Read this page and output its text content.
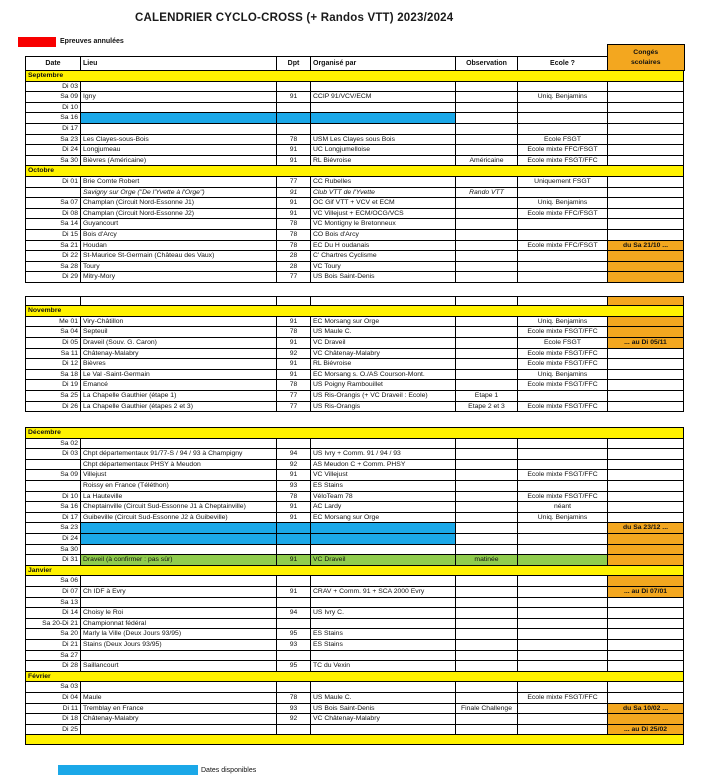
CALENDRIER CYCLO-CROSS (+ Randos VTT) 2023/2024
Epreuves annulées
Date	Lieu	Dpt	Organisé par	Observation	Ecole ?	Congés
scolaires

Septembre						
Di 03						
Sa 09	Igny	91	CCIP 91/VCV/ECM		Uniq. Benjamins	
Di 10						
Sa 16						
Di 17						
Sa 23	Les Clayes-sous-Bois	78	USM Les Clayes sous Bois		Ecole FSGT	
Di 24	Longjumeau	91	UC Longjumelloise		Ecole mixte FFC/FSGT	
Sa 30	Bièvres (Américaine)	91	RL Biévroise	Américaine	Ecole mixte FSGT/FFC	
Octobre						
Di 01	Brie Comte Robert	77	CC Rubelles		Uniquement FSGT	
	Savigny sur Orge ("De l'Yvette à l'Orge")	91	Club VTT de l'Yvette	Rando VTT		
Sa 07	Champlan (Circuit Nord-Essonne J1)	91	OC Gif VTT + VCV et ECM		Uniq. Benjamins	
Di 08	Champlan (Circuit Nord-Essonne J2)	91	VC Villejust + ECM/OCG/VCS		Ecole mixte FFC/FSGT	
Sa 14	Guyancourt	78	VC Montigny le Bretonneux			
Di 15	Bois d'Arcy	78	CO Bois d'Arcy			
Sa 21	Houdan	78	EC Du H oudanais		Ecole mixte FFC/FSGT	du Sa 21/10 ...
Di 22	St-Maurice St-Germain (Château des Vaux)	28	C' Chartres Cyclisme			
Sa 28	Toury	28	VC Toury			
Di 29	Mitry-Mory	77	US Bois Saint-Denis			

Novembre						
Me 01	Viry-Châtillon	91	EC Morsang sur Orge		Uniq. Benjamins	
Sa 04	Septeuil	78	US Maule C.		Ecole mixte FSGT/FFC	
Di 05	Draveil (Souv. G. Caron)	91	VC Draveil		Ecole FSGT	... au Di 05/11
Sa 11	Châtenay-Malabry	92	VC Châtenay-Malabry		Ecole mixte FSGT/FFC	
Di 12	Bièvres	91	RL Biévroise		Ecole mixte FSGT/FFC	
Sa 18	Le Val -Saint-Germain	91	EC Morsang s. O./AS Courson-Mont.		Uniq. Benjamins	
Di 19	Emancé	78	US Poigny Rambouillet		Ecole mixte FSGT/FFC	
Sa 25	La Chapelle Gauthier (étape 1)	77	US Ris-Orangis (+ VC Draveil : Ecole)	Etape 1		
Di 26	La Chapelle Gauthier (étapes 2 et 3)	77	US Ris-Orangis	Etape 2 et 3	Ecole mixte FSGT/FFC	
Décembre						
Sa 02						
Di 03	Chpt départementaux 91/77-S / 94 / 93 à Champigny	94	US Ivry + Comm. 91 / 94 / 93			
	Chpt départementaux PHSY à Meudon	92	AS Meudon C + Comm. PHSY			
Sa 09	Villejust	91	VC Villejust		Ecole mixte FSGT/FFC	
	Roissy en France (Téléthon)	93	ES Stains			
Di 10	La Hauteville	78	VéloTeam 78		Ecole mixte FSGT/FFC	
Sa 16	Cheptainville (Circuit Sud-Essonne J1 à Cheptainville)	91	AC Lardy		néant	
Di 17	Guibeville (Circuit Sud-Essonne J2 à Guibeville)	91	EC Morsang sur Orge		Uniq. Benjamins	
Sa 23						du Sa 23/12 ...
Di 24						
Sa 30						
Di 31	Draveil (à confirmer : pas sûr)	91	VC Draveil	matinée		
Janvier						
Sa 06						
Di 07	Ch IDF à Evry	91	CRAV + Comm. 91 + SCA 2000 Evry			... au Di 07/01
Sa 13						
Di 14	Choisy le Roi	94	US Ivry C.			
Sa 20-Di 21	Championnat fédéral					
Sa 20	Marly la Ville (Deux Jours 93/95)	95	ES Stains			
Di 21	Stains (Deux Jours 93/95)	93	ES Stains			
Sa 27						
Di 28	Saillancourt	95	TC du Vexin			
Février						
Sa 03						
Di 04	Maule	78	US Maule C.		Ecole mixte FSGT/FFC	
Di 11	Tremblay en France	93	US Bois Saint-Denis	Finale Challenge		du Sa 10/02 ...
Di 18	Châtenay-Malabry	92	VC Châtenay-Malabry			
Di 25						... au Di 25/02

Dates disponibles
